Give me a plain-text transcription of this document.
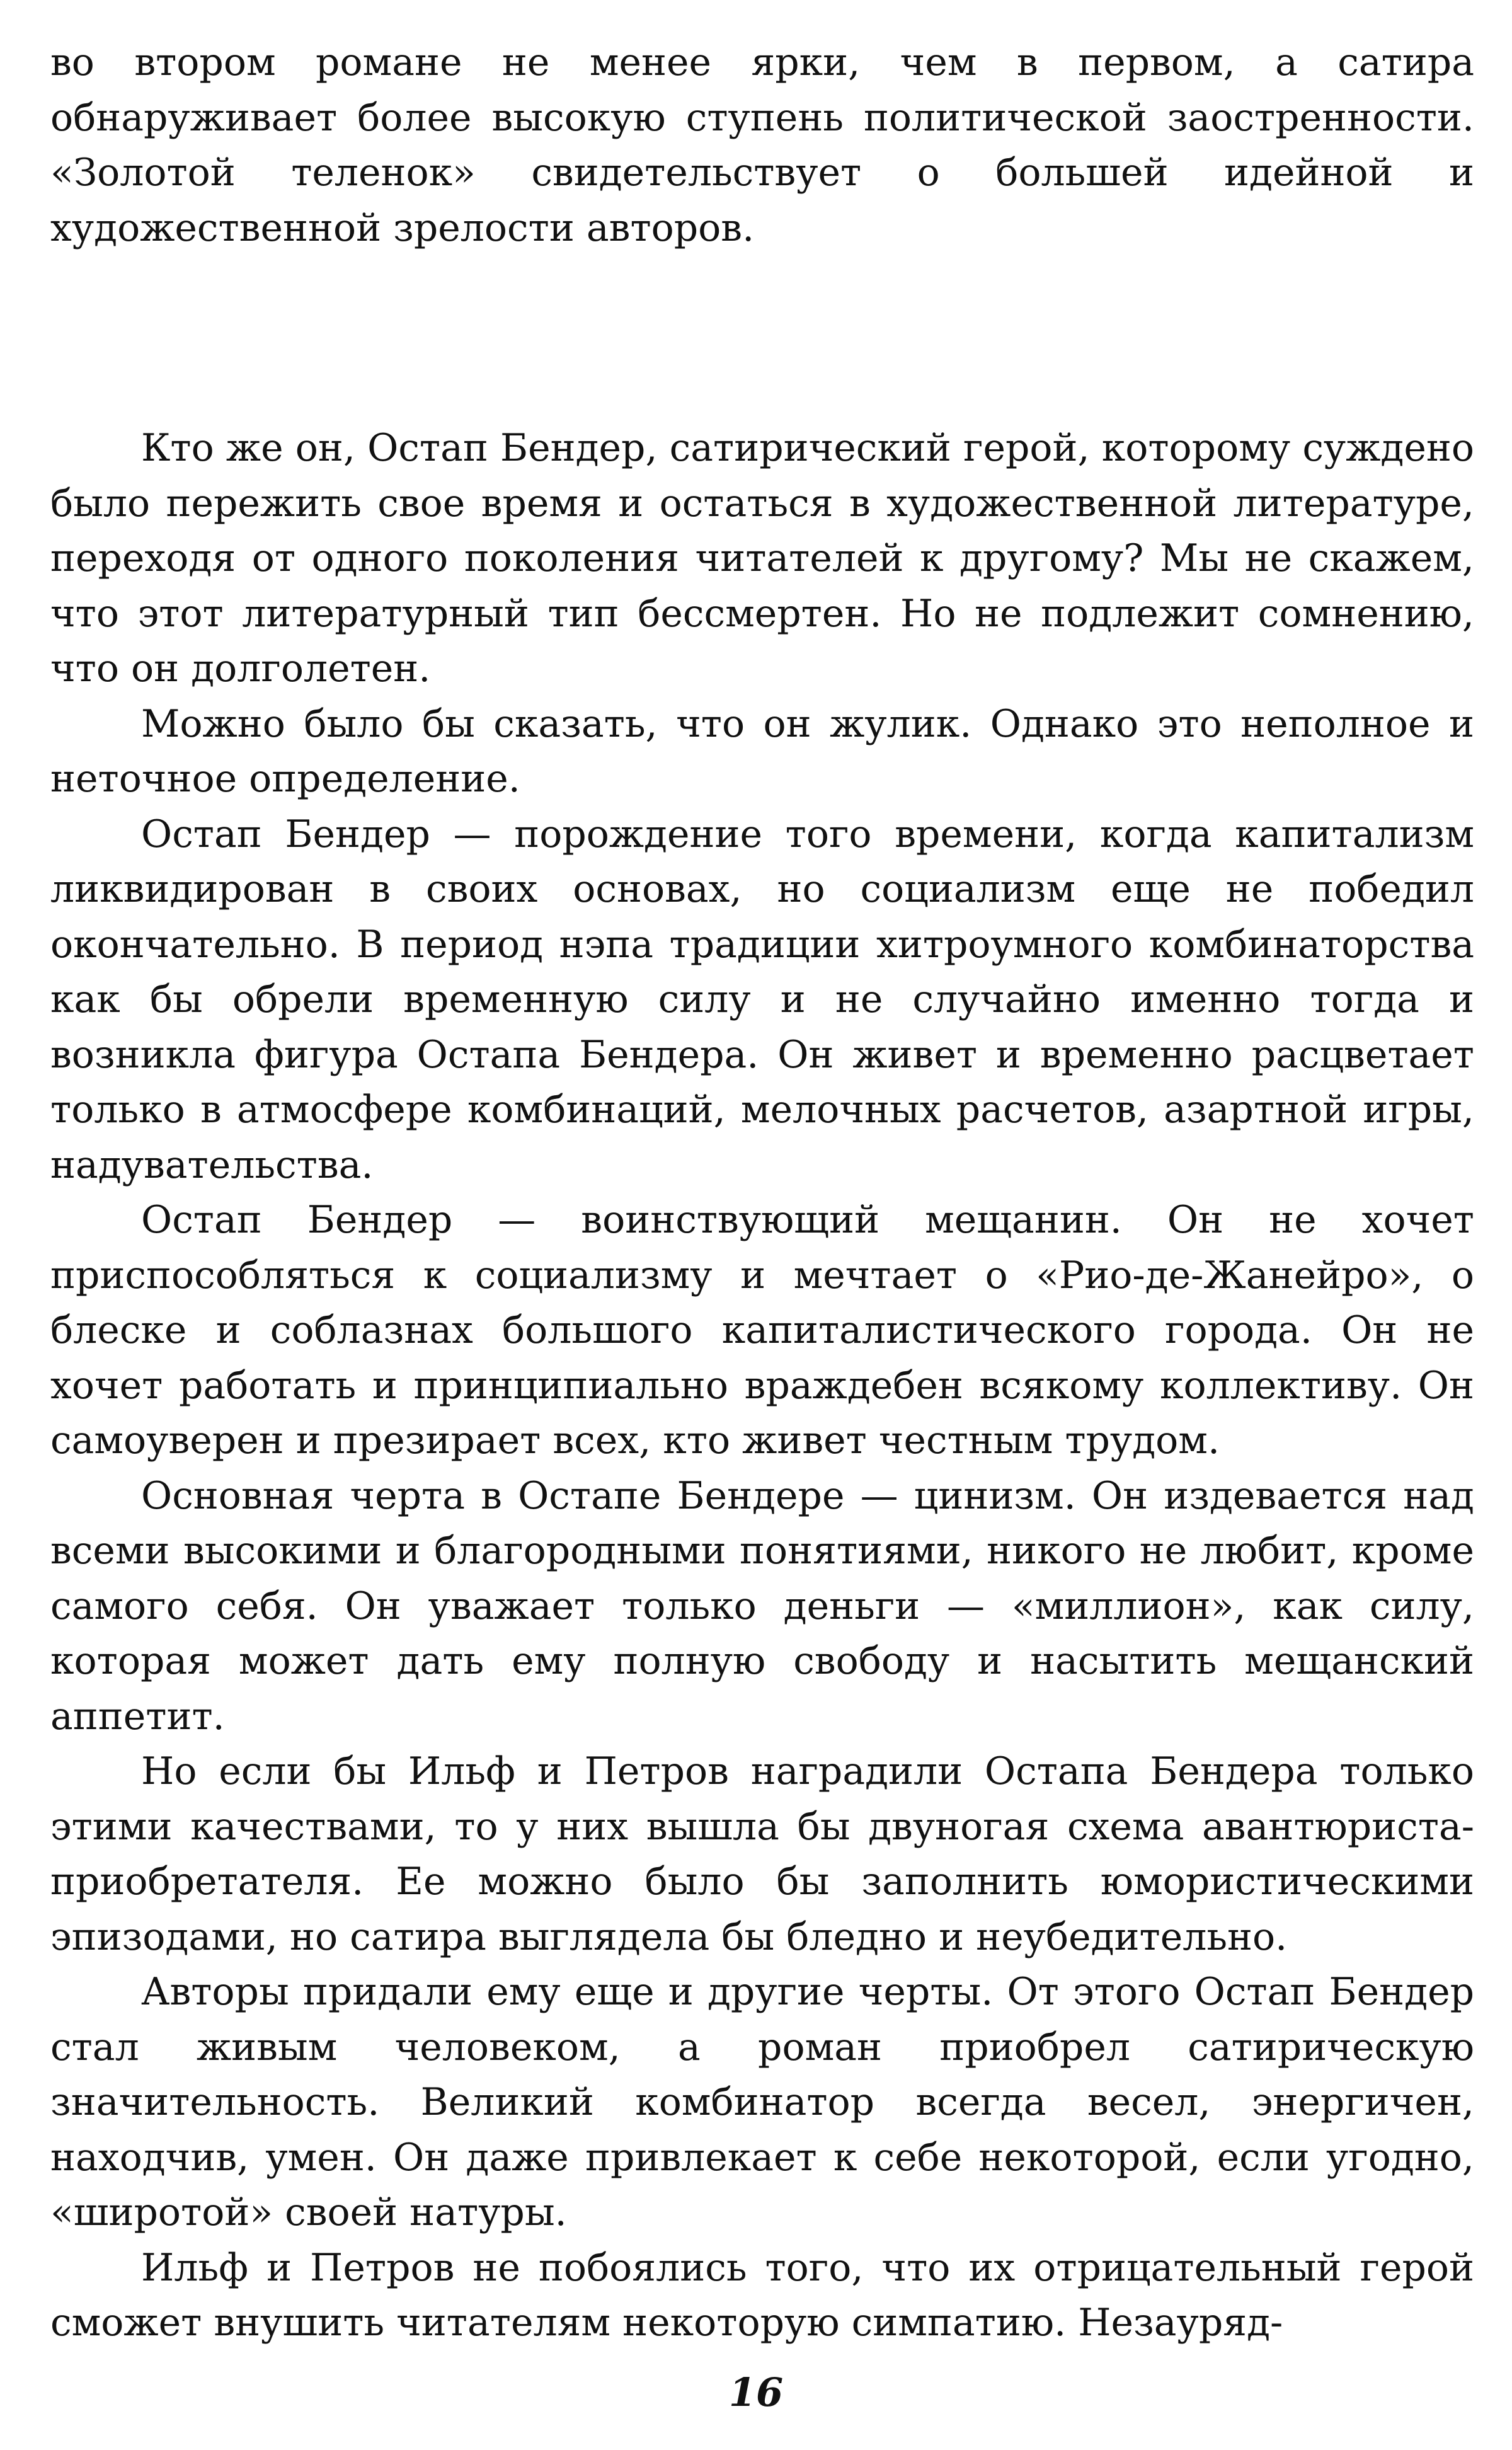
во втором романе не менее ярки, чем в первом, а сатира обнаруживает более высокую ступень политической заостренности. «Золотой теленок» свидетельствует о большей идейной и художественной зрелости авторов.

Кто же он, Остап Бендер, сатирический герой, которому суждено было пережить свое время и остаться в художественной литературе, переходя от одного поколения читателей к другому? Мы не скажем, что этот литературный тип бессмертен. Но не подлежит сомнению, что он долголетен.

Можно было бы сказать, что он жулик. Однако это неполное и неточное определение.

Остап Бендер — порождение того времени, когда капитализм ликвидирован в своих основах, но социализм еще не победил окончательно. В период нэпа традиции хитроумного комбинаторства как бы обрели временную силу и не случайно именно тогда и возникла фигура Остапа Бендера. Он живет и временно расцветает только в атмосфере комбинаций, мелочных расчетов, азартной игры, надувательства.

Остап Бендер — воинствующий мещанин. Он не хочет приспособляться к социализму и мечтает о «Рио-де-Жанейро», о блеске и соблазнах большого капиталистического города. Он не хочет работать и принципиально враждебен всякому коллективу. Он самоуверен и презирает всех, кто живет честным трудом.

Основная черта в Остапе Бендере — цинизм. Он издевается над всеми высокими и благородными понятиями, никого не любит, кроме самого себя. Он уважает только деньги — «миллион», как силу, которая может дать ему полную свободу и насытить мещанский аппетит.

Но если бы Ильф и Петров наградили Остапа Бендера только этими качествами, то у них вышла бы двуногая схема авантюриста-приобретателя. Ее можно было бы заполнить юмористическими эпизодами, но сатира выглядела бы бледно и неубедительно.

Авторы придали ему еще и другие черты. От этого Остап Бендер стал живым человеком, а роман приобрел сатирическую значительность. Великий комбинатор всегда весел, энергичен, находчив, умен. Он даже привлекает к себе некоторой, если угодно, «широтой» своей натуры.

Ильф и Петров не побоялись того, что их отрицательный герой сможет внушить читателям некоторую симпатию. Незауряд-

16
